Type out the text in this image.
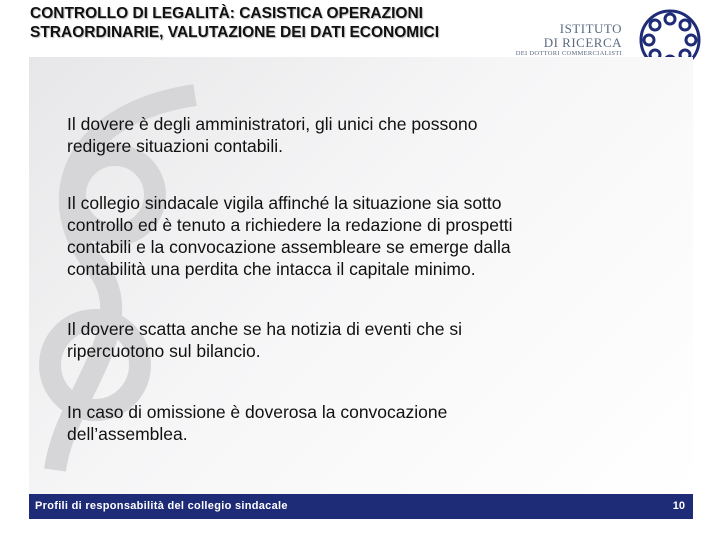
CONTROLLO DI LEGALITÀ: CASISTICA OPERAZIONI
STRAORDINARIE, VALUTAZIONE DEI DATI ECONOMICI	ISTITUTO
DI RICERCA
DEI DOTTORI COMMERCIALISTI
Il dovere è degli amministratori, gli unici che possono
redigere situazioni contabili.
Il collegio sindacale vigila affinché la situazione sia sotto
controllo ed è tenuto a richiedere la redazione di prospetti
contabili e la convocazione assembleare se emerge dalla
contabilità una perdita che intacca il capitale minimo.
Il dovere scatta anche se ha notizia di eventi che si
ripercuotono sul bilancio.
In caso di omissione è doverosa la convocazione
dell’assemblea.
Profili di responsabilità del collegio sindacale	10
